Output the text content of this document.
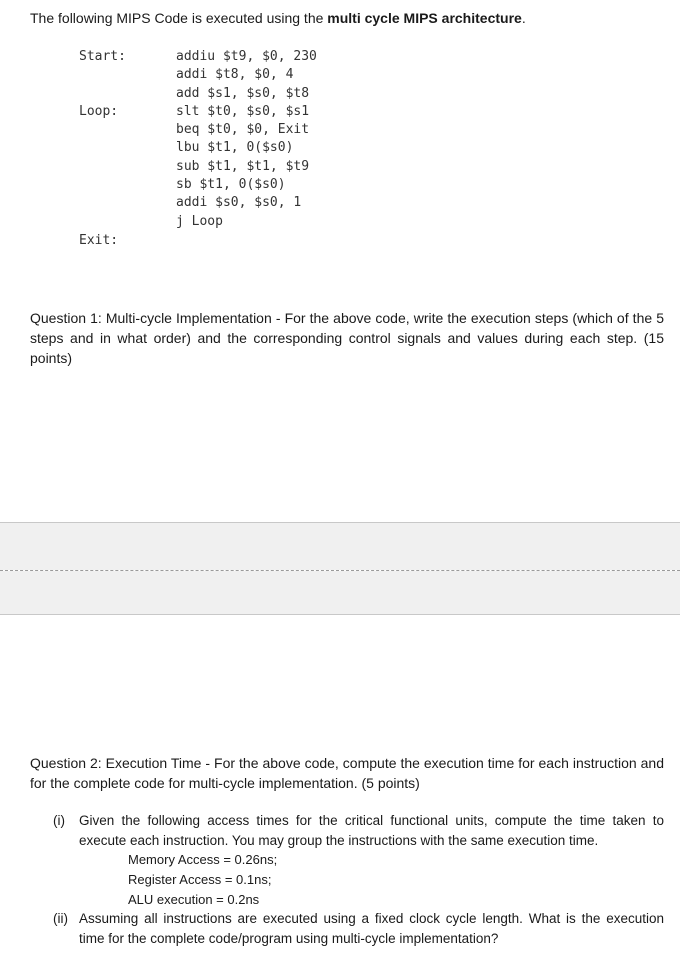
The following MIPS Code is executed using the multi cycle MIPS architecture.
Start:
Loop:
Exit:
addiu $t9, $0, 230
addi $t8, $0, 4
add $s1, $s0, $t8
slt $t0, $s0, $s1
beq $t0, $0, Exit
lbu $t1, 0($s0)
sub $t1, $t1, $t9
sb $t1, 0($s0)
addi $s0, $s0, 1
j Loop
Question 1: Multi-cycle Implementation - For the above code, write the execution steps (which of the 5 steps and in what order) and the corresponding control signals and values during each step. (15 points)
Question 2: Execution Time - For the above code, compute the execution time for each instruction and for the complete code for multi-cycle implementation. (5 points)
(i) Given the following access times for the critical functional units, compute the time taken to execute each instruction. You may group the instructions with the same execution time.
Memory Access = 0.26ns;
Register Access = 0.1ns;
ALU execution = 0.2ns
(ii) Assuming all instructions are executed using a fixed clock cycle length. What is the execution time for the complete code/program using multi-cycle implementation?
